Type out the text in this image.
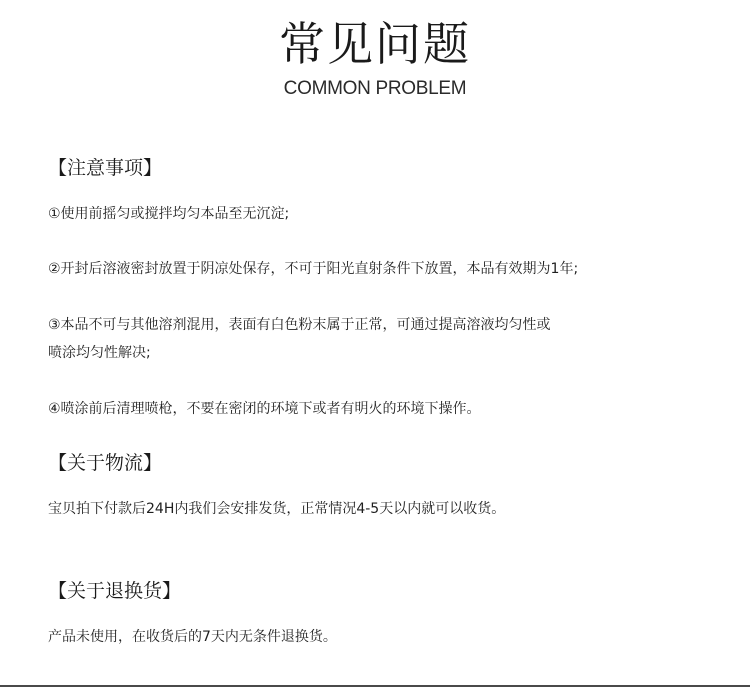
常见问题
COMMON PROBLEM
【注意事项】
①使用前摇匀或搅拌均匀本品至无沉淀;
②开封后溶液密封放置于阴凉处保存，不可于阳光直射条件下放置，本品有效期为1年;
③本品不可与其他溶剂混用，表面有白色粉末属于正常，可通过提高溶液均匀性或
喷涂均匀性解决;
④喷涂前后清理喷枪，不要在密闭的环境下或者有明火的环境下操作。
【关于物流】
宝贝拍下付款后24H内我们会安排发货，正常情况4-5天以内就可以收货。
【关于退换货】
产品未使用，在收货后的7天内无条件退换货。
